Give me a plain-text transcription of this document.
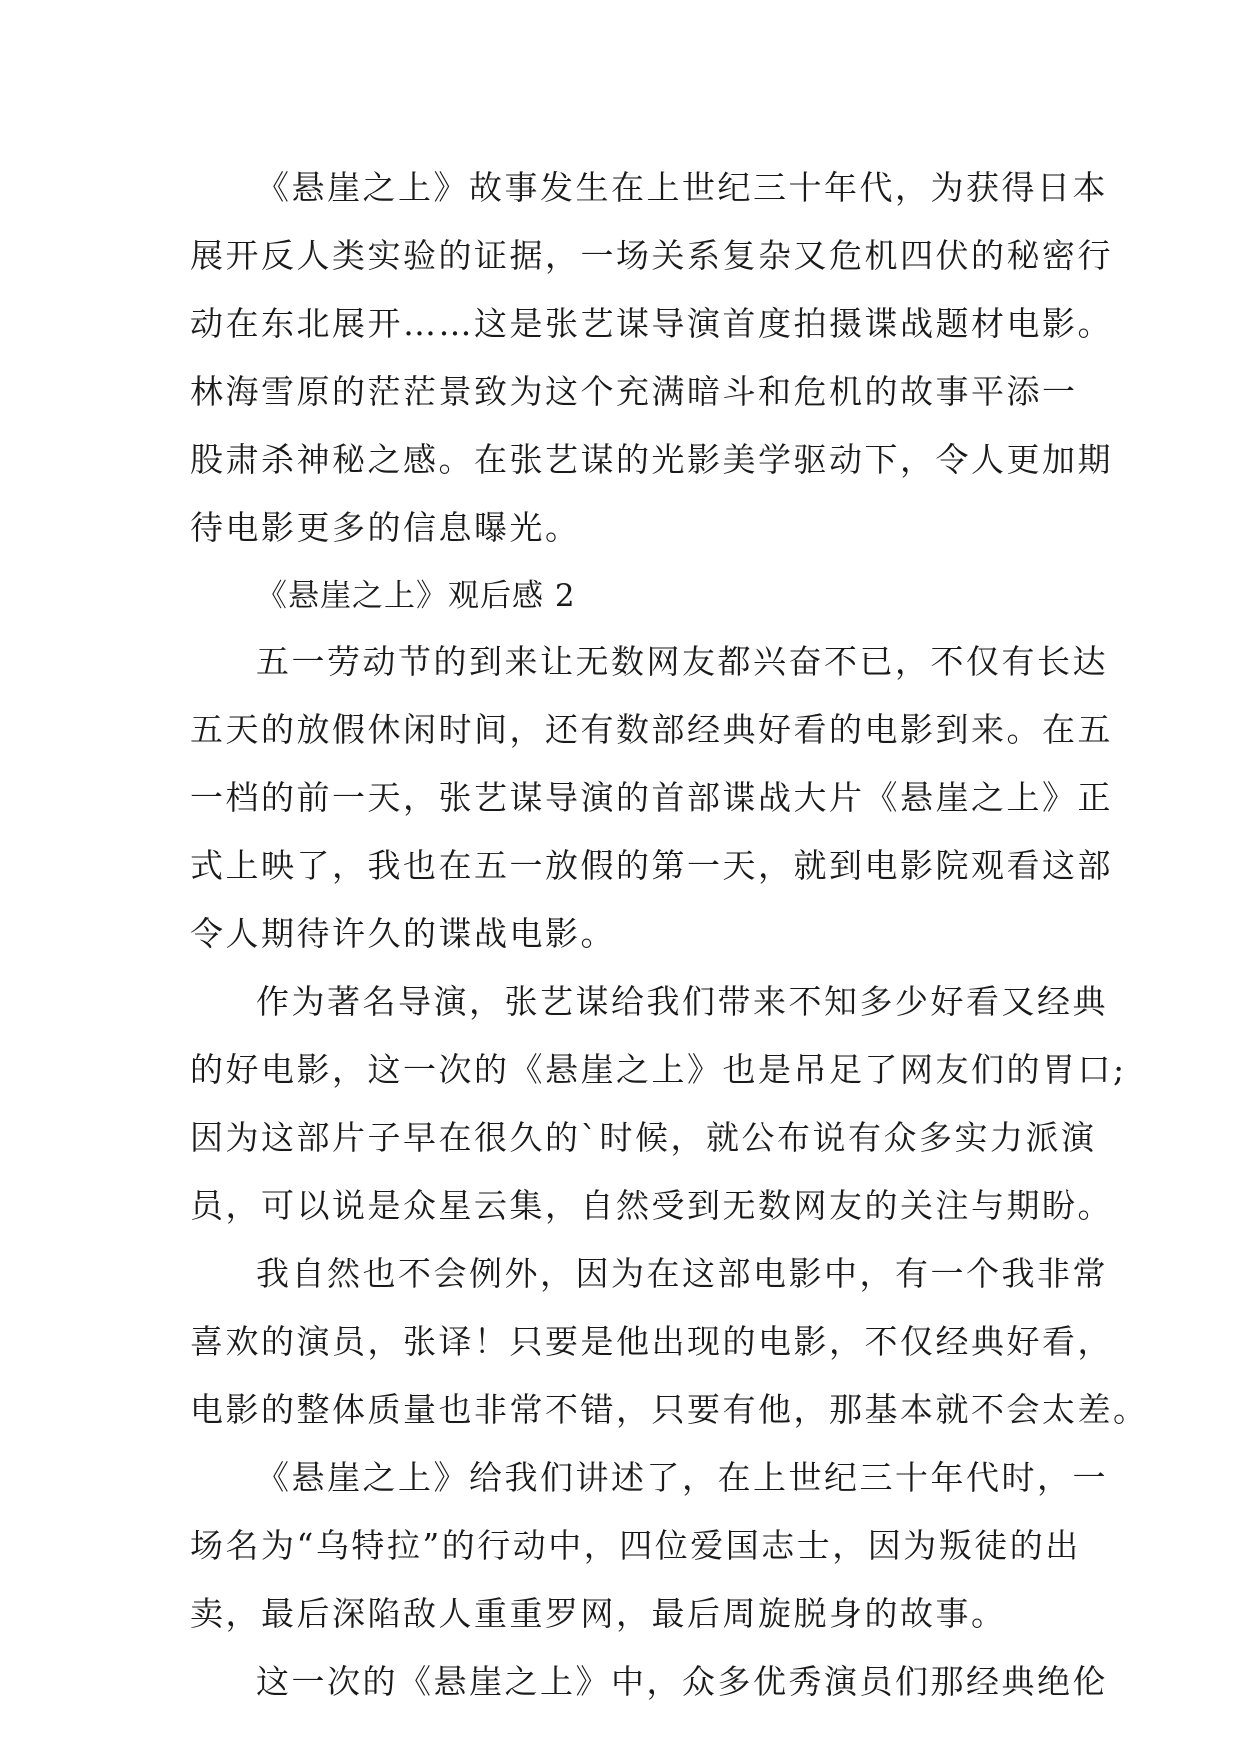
《悬崖之上》故事发生在上世纪三十年代，为获得日本
展开反人类实验的证据，一场关系复杂又危机四伏的秘密行
动在东北展开……这是张艺谋导演首度拍摄谍战题材电影。
林海雪原的茫茫景致为这个充满暗斗和危机的故事平添一
股肃杀神秘之感。在张艺谋的光影美学驱动下，令人更加期
待电影更多的信息曝光。
《悬崖之上》观后感 2
五一劳动节的到来让无数网友都兴奋不已，不仅有长达
五天的放假休闲时间，还有数部经典好看的电影到来。在五
一档的前一天，张艺谋导演的首部谍战大片《悬崖之上》正
式上映了，我也在五一放假的第一天，就到电影院观看这部
令人期待许久的谍战电影。
作为著名导演，张艺谋给我们带来不知多少好看又经典
的好电影，这一次的《悬崖之上》也是吊足了网友们的胃口;
因为这部片子早在很久的`时候，就公布说有众多实力派演
员，可以说是众星云集，自然受到无数网友的关注与期盼。
我自然也不会例外，因为在这部电影中，有一个我非常
喜欢的演员，张译！只要是他出现的电影，不仅经典好看，
电影的整体质量也非常不错，只要有他，那基本就不会太差。
《悬崖之上》给我们讲述了，在上世纪三十年代时，一
场名为“乌特拉”的行动中，四位爱国志士，因为叛徒的出
卖，最后深陷敌人重重罗网，最后周旋脱身的故事。
这一次的《悬崖之上》中，众多优秀演员们那经典绝伦
